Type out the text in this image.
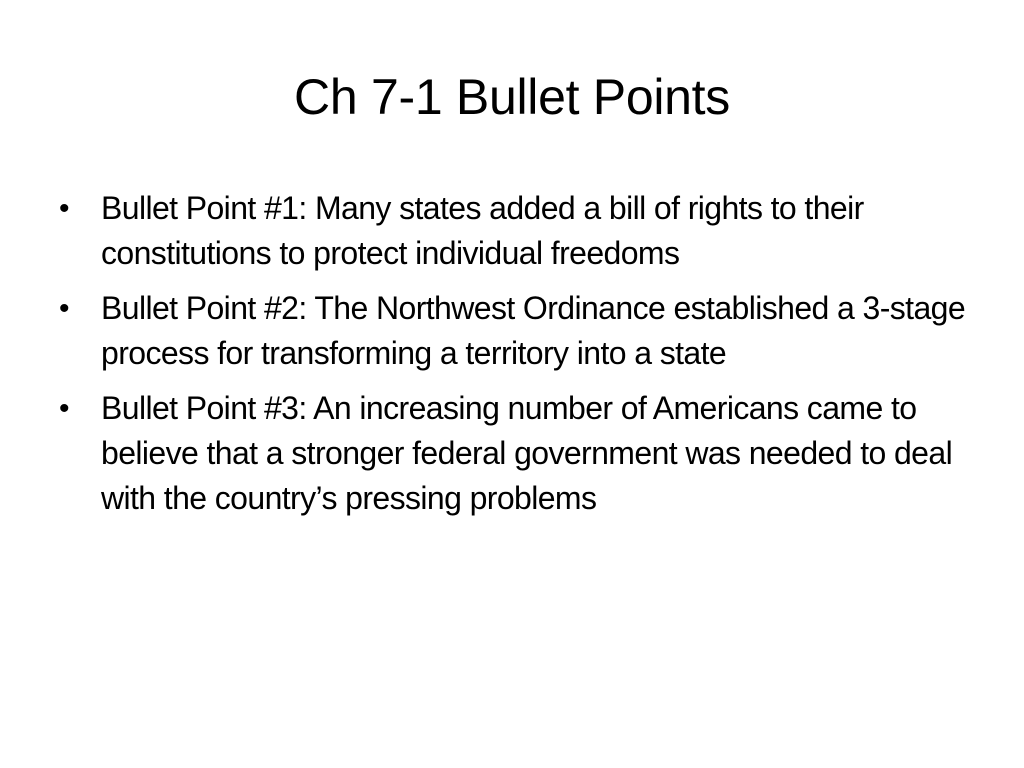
Ch 7-1 Bullet Points
•	Bullet Point #1: Many states added a bill of rights to their constitutions to protect individual freedoms
•	Bullet Point #2: The Northwest Ordinance established a 3-stage process for transforming a territory into a state
•	Bullet Point #3: An increasing number of Americans came to believe that a stronger federal government was needed to deal with the country’s pressing problems
